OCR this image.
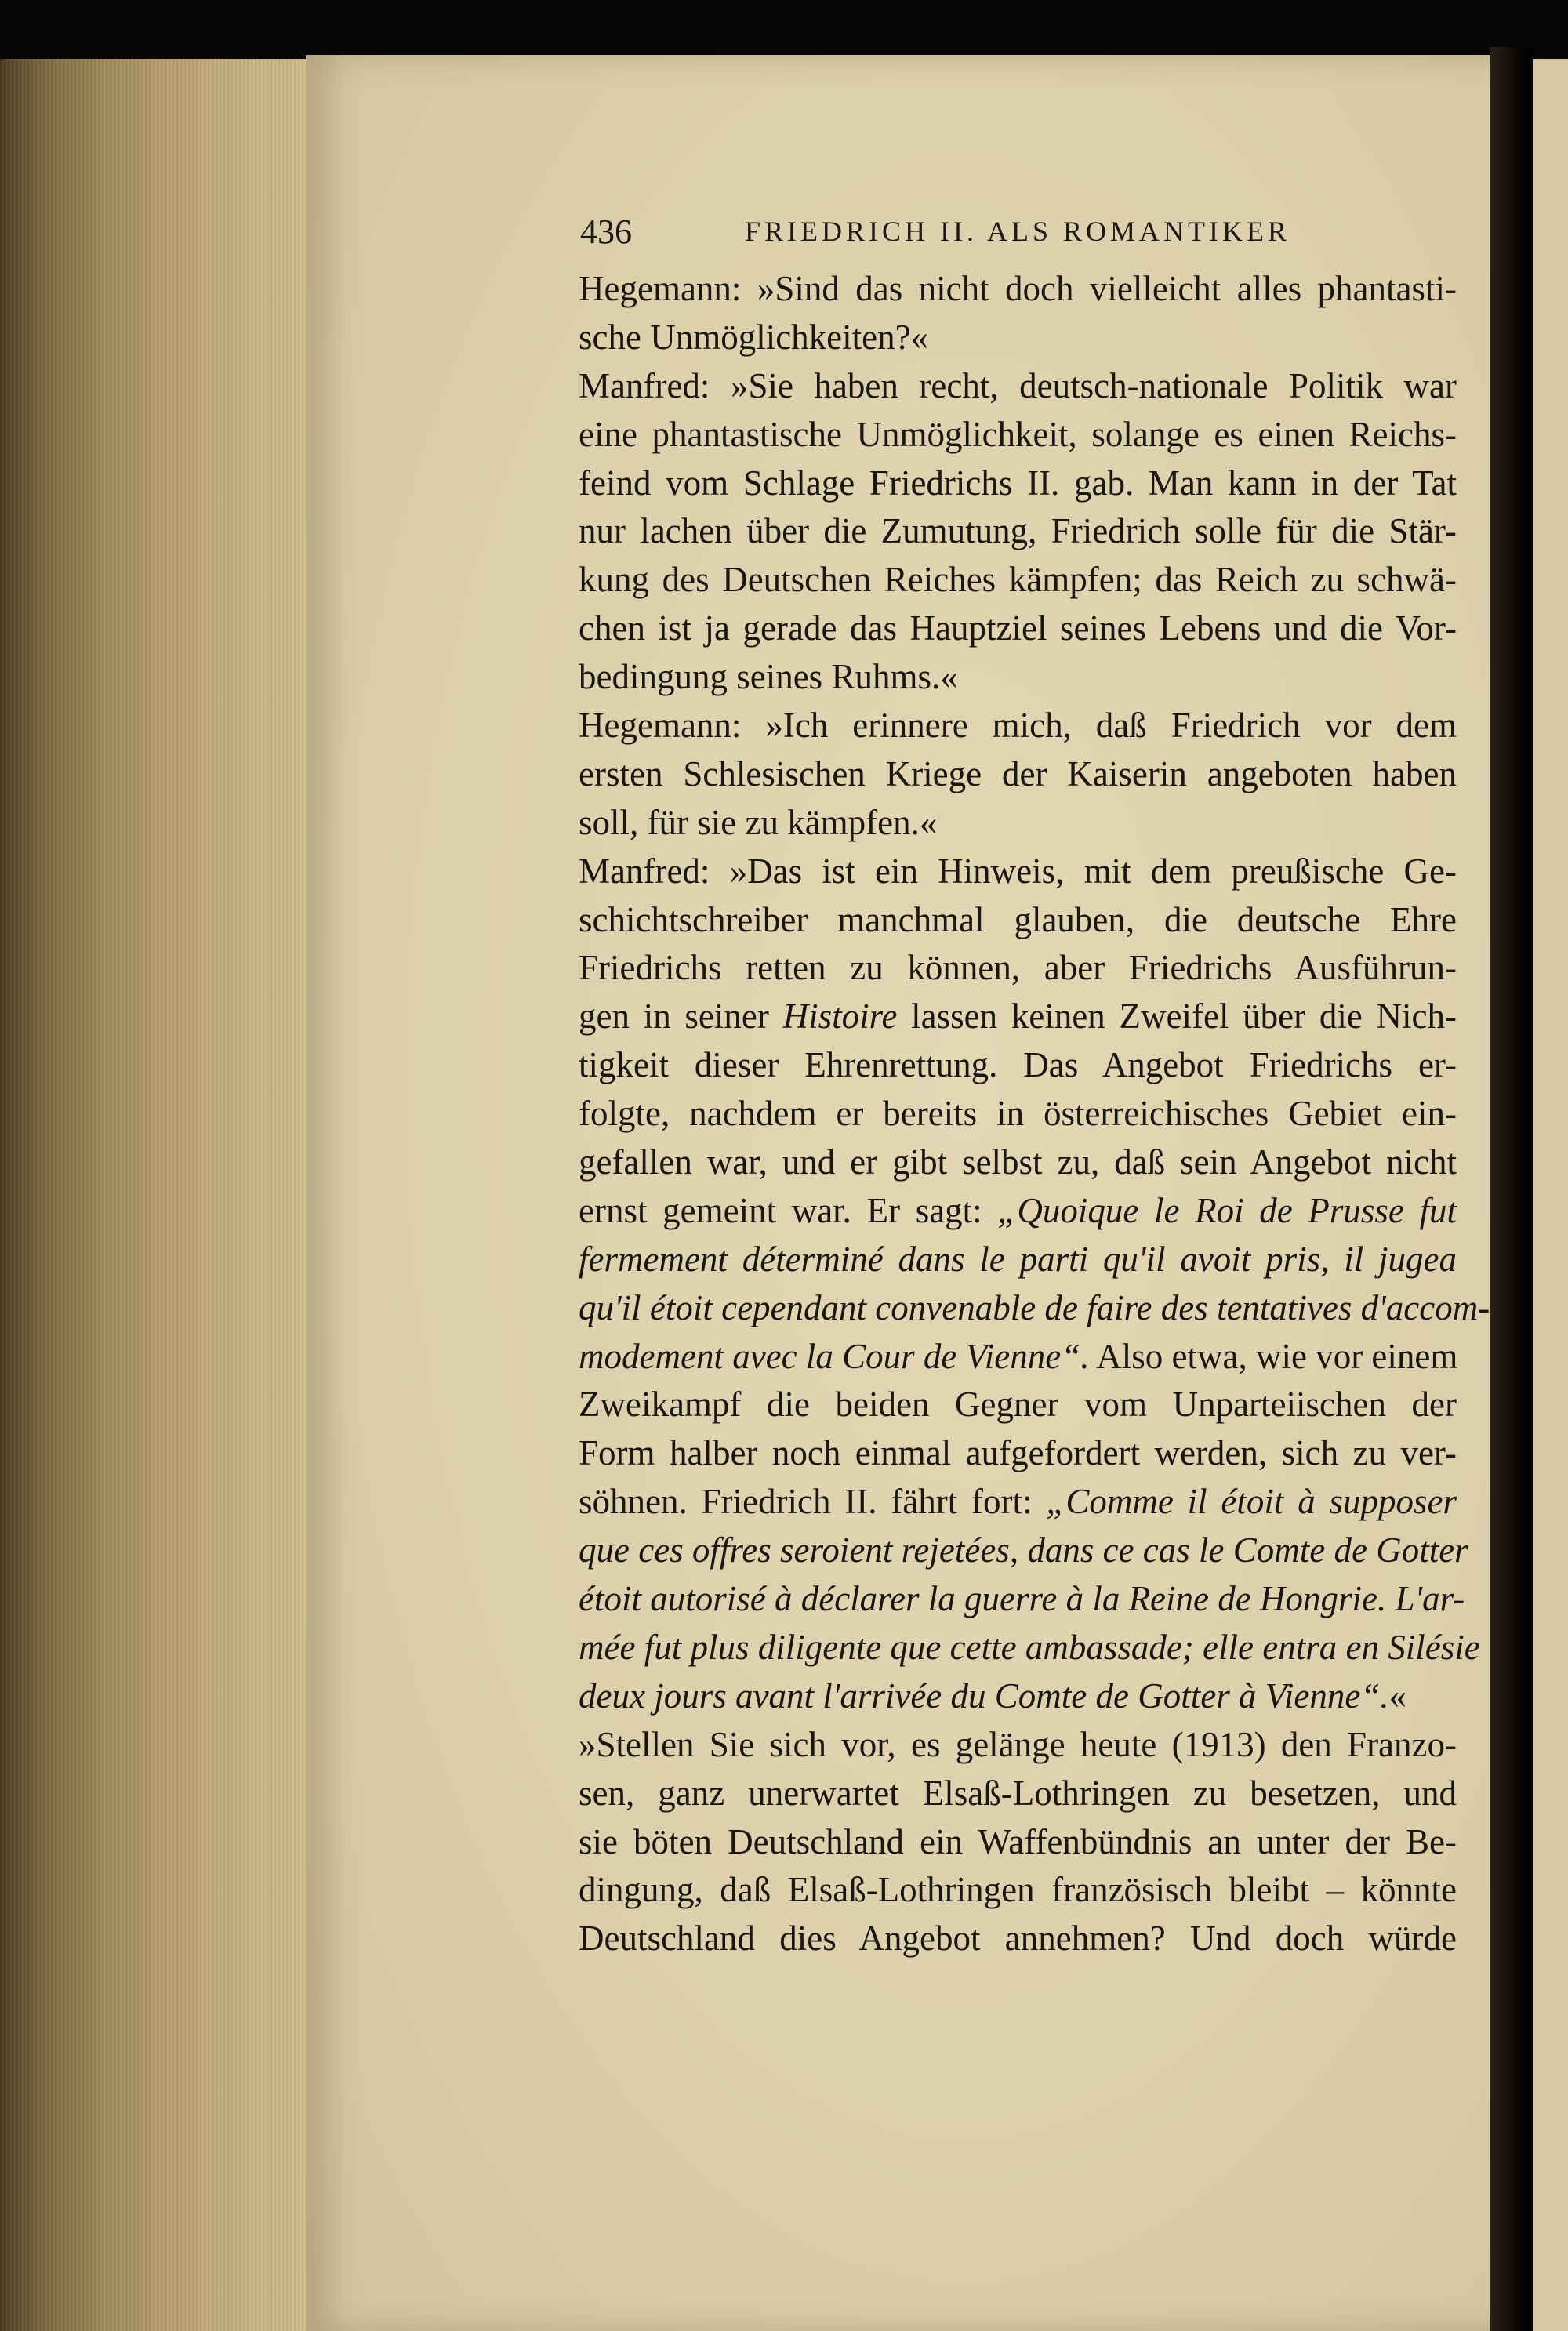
436	FRIEDRICH II. ALS ROMANTIKER
Hegemann: »Sind das nicht doch vielleicht alles phantasti-
sche Unmöglichkeiten?«
Manfred: »Sie haben recht, deutsch-nationale Politik war
eine phantastische Unmöglichkeit, solange es einen Reichs-
feind vom Schlage Friedrichs II. gab. Man kann in der Tat
nur lachen über die Zumutung, Friedrich solle für die Stär-
kung des Deutschen Reiches kämpfen; das Reich zu schwä-
chen ist ja gerade das Hauptziel seines Lebens und die Vor-
bedingung seines Ruhms.«
Hegemann: »Ich erinnere mich, daß Friedrich vor dem
ersten Schlesischen Kriege der Kaiserin angeboten haben
soll, für sie zu kämpfen.«
Manfred: »Das ist ein Hinweis, mit dem preußische Ge-
schichtschreiber manchmal glauben, die deutsche Ehre
Friedrichs retten zu können, aber Friedrichs Ausführun-
gen in seiner Histoire lassen keinen Zweifel über die Nich-
tigkeit dieser Ehrenrettung. Das Angebot Friedrichs er-
folgte, nachdem er bereits in österreichisches Gebiet ein-
gefallen war, und er gibt selbst zu, daß sein Angebot nicht
ernst gemeint war. Er sagt: „Quoique le Roi de Prusse fut
fermement déterminé dans le parti qu'il avoit pris, il jugea
qu'il étoit cependant convenable de faire des tentatives d'accom-
modement avec la Cour de Vienne“. Also etwa, wie vor einem
Zweikampf die beiden Gegner vom Unparteiischen der
Form halber noch einmal aufgefordert werden, sich zu ver-
söhnen. Friedrich II. fährt fort: „Comme il étoit à supposer
que ces offres seroient rejetées, dans ce cas le Comte de Gotter
étoit autorisé à déclarer la guerre à la Reine de Hongrie. L'ar-
mée fut plus diligente que cette ambassade; elle entra en Silésie
deux jours avant l'arrivée du Comte de Gotter à Vienne“.«
»Stellen Sie sich vor, es gelänge heute (1913) den Franzo-
sen, ganz unerwartet Elsaß-Lothringen zu besetzen, und
sie böten Deutschland ein Waffenbündnis an unter der Be-
dingung, daß Elsaß-Lothringen französisch bleibt – könnte
Deutschland dies Angebot annehmen? Und doch würde
